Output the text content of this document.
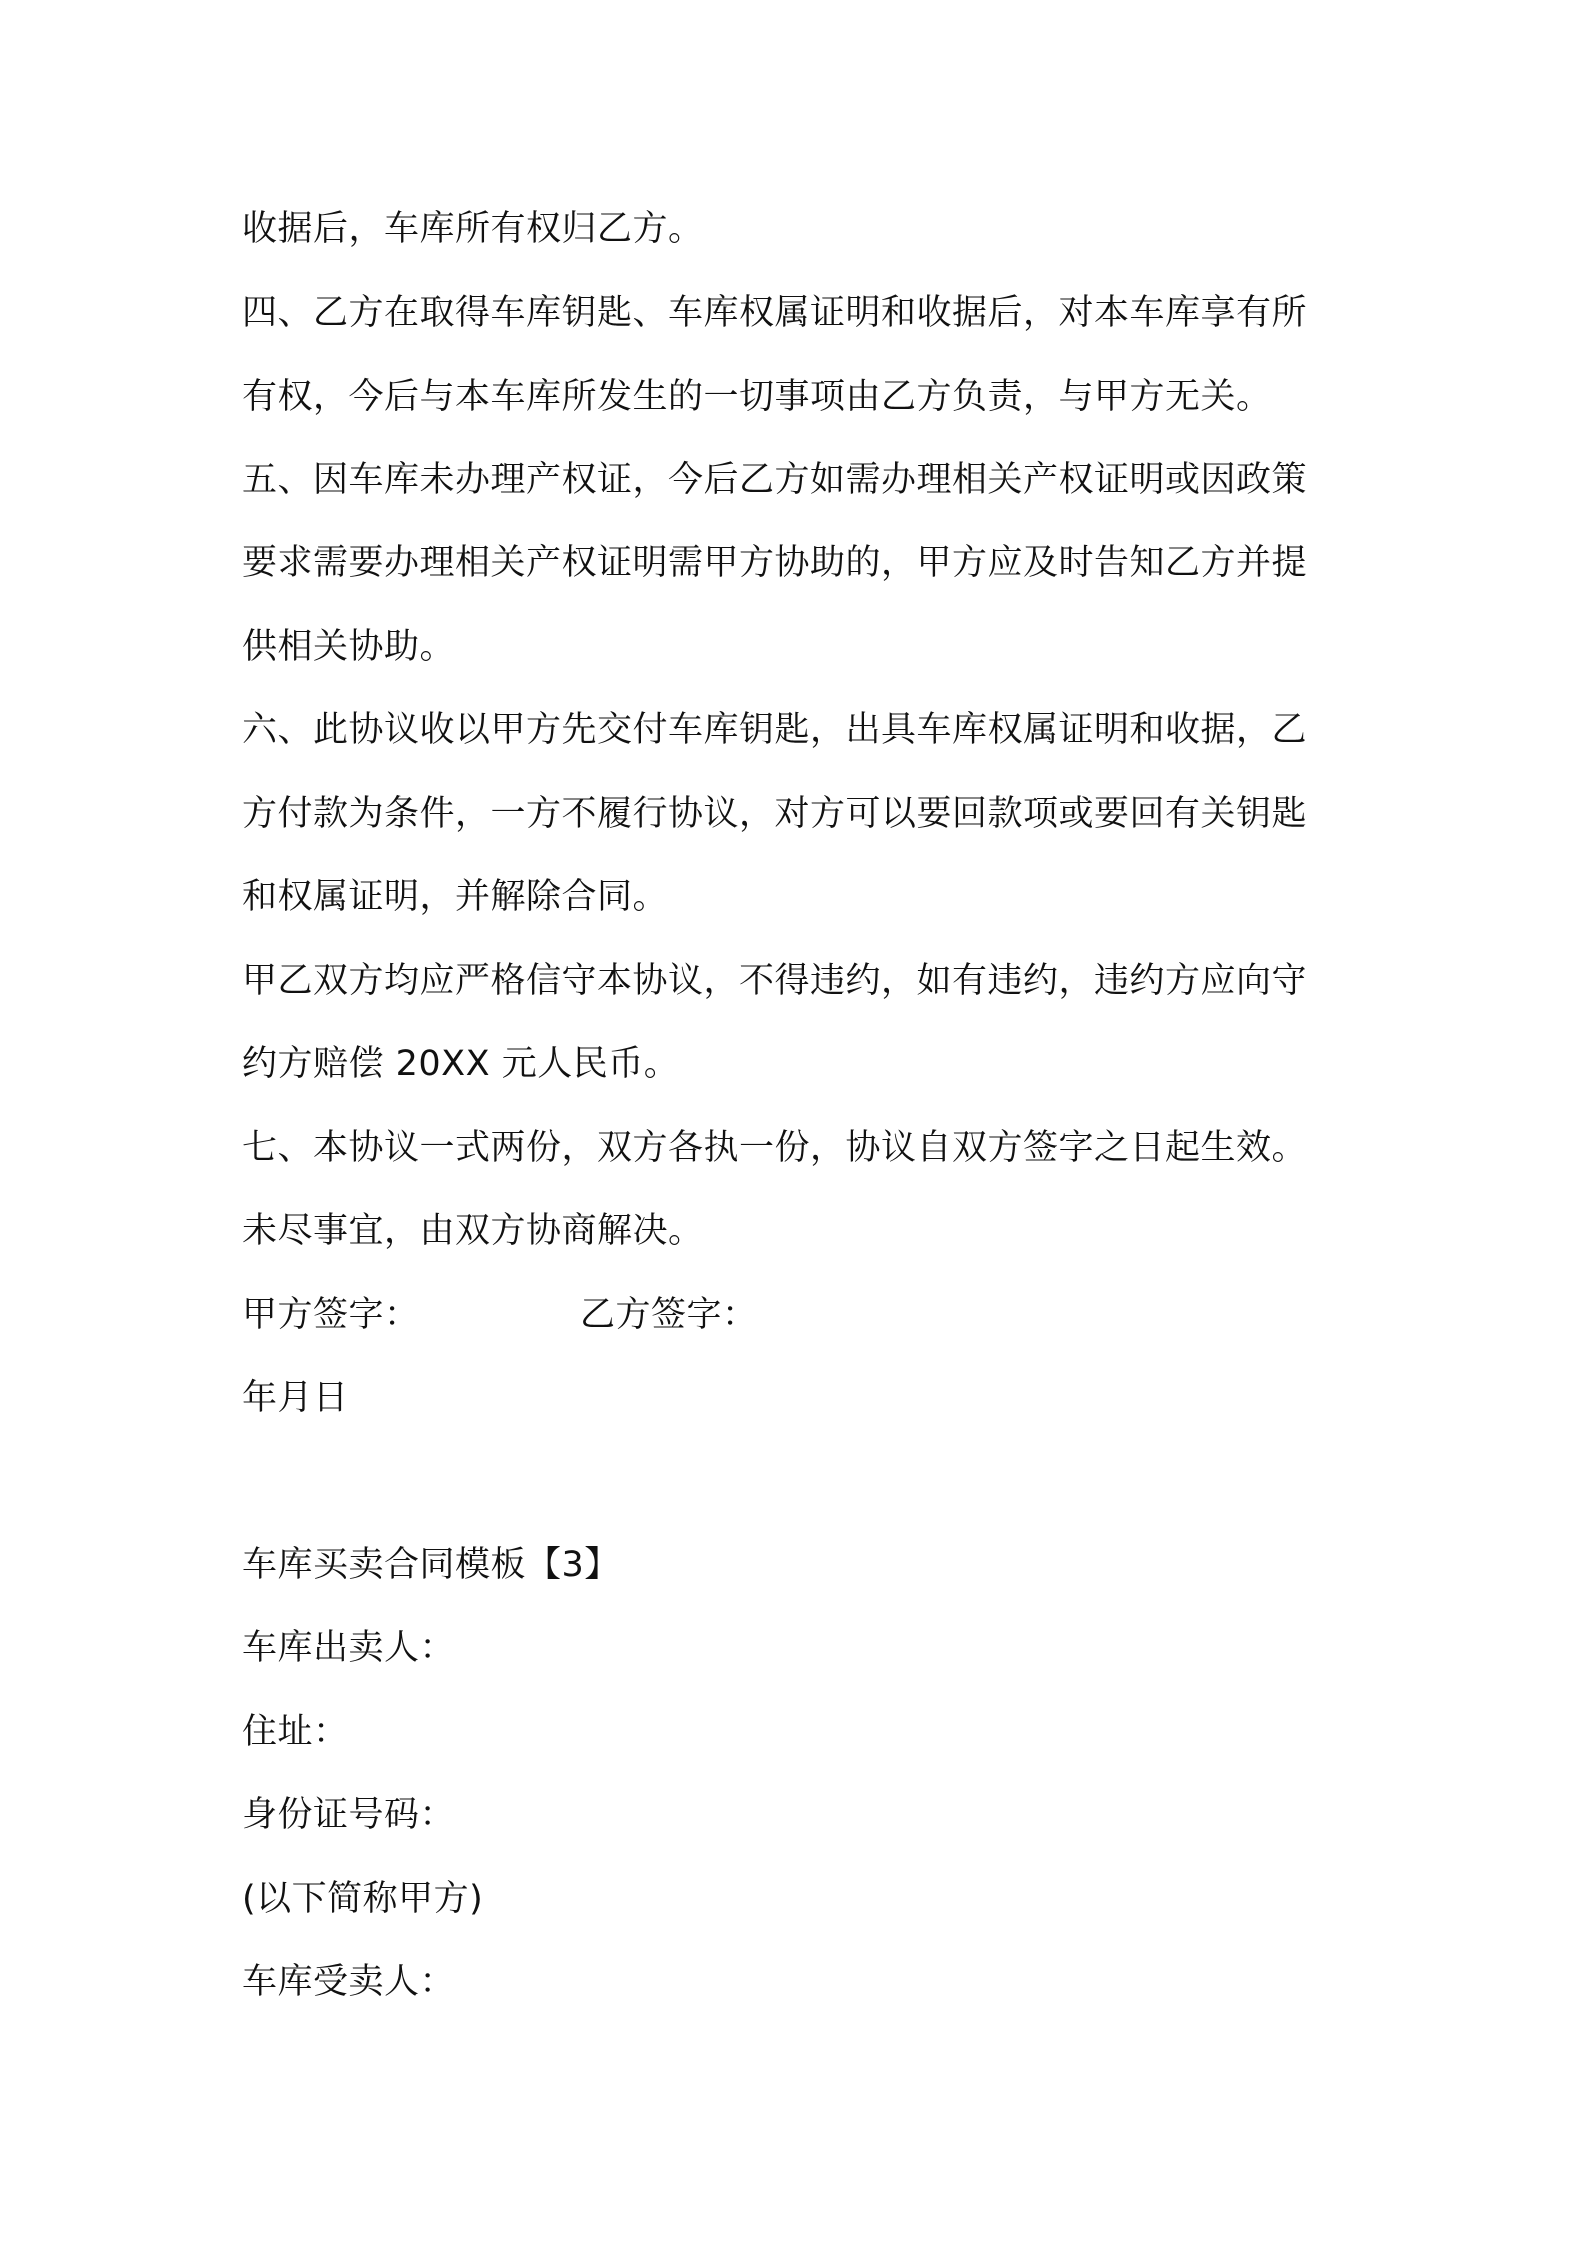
收据后，车库所有权归乙方。
四、乙方在取得车库钥匙、车库权属证明和收据后，对本车库享有所
有权，今后与本车库所发生的一切事项由乙方负责，与甲方无关。
五、因车库未办理产权证，今后乙方如需办理相关产权证明或因政策
要求需要办理相关产权证明需甲方协助的，甲方应及时告知乙方并提
供相关协助。
六、此协议收以甲方先交付车库钥匙，出具车库权属证明和收据，乙
方付款为条件，一方不履行协议，对方可以要回款项或要回有关钥匙
和权属证明，并解除合同。
甲乙双方均应严格信守本协议，不得违约，如有违约，违约方应向守
约方赔偿 20XX 元人民币。
七、本协议一式两份，双方各执一份，协议自双方签字之日起生效。
未尽事宜，由双方协商解决。
甲方签字：	乙方签字：
年月日
车库买卖合同模板【3】
车库出卖人：
住址：
身份证号码：
(以下简称甲方)
车库受卖人：
